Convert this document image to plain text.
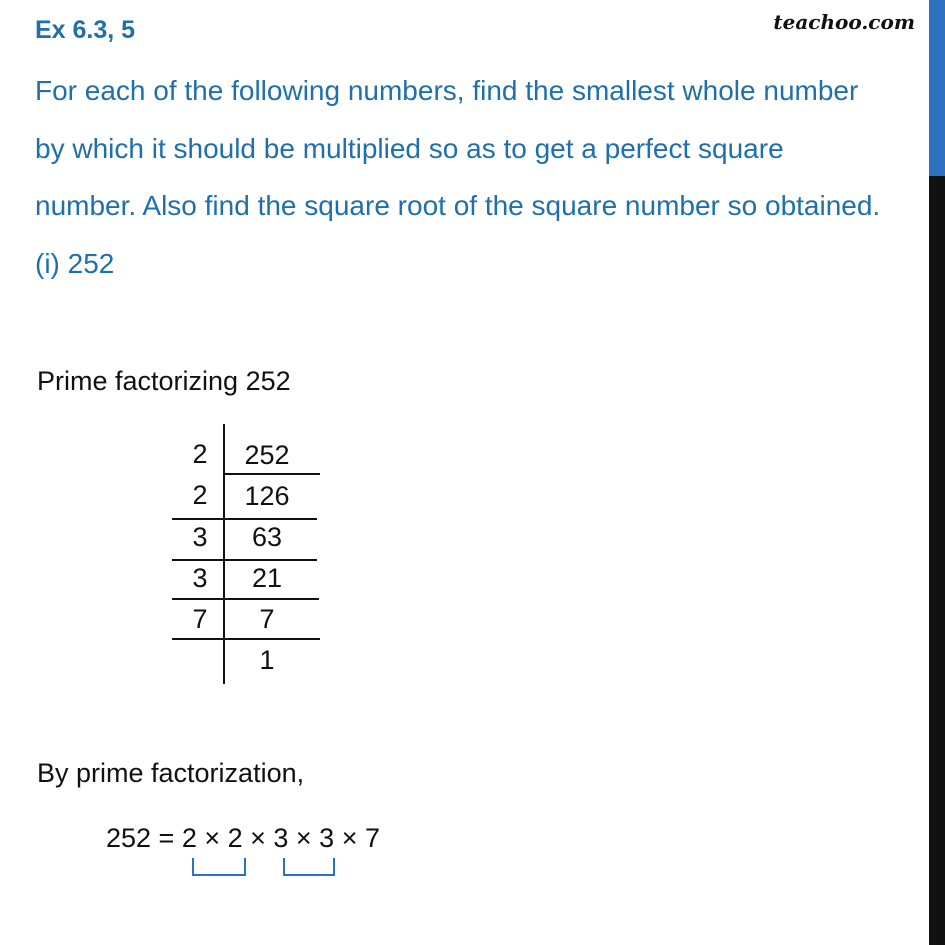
Ex 6.3, 5	teachoo.com
For each of the following numbers, find the smallest whole number
by which it should be multiplied so as to get a perfect square
number. Also find the square root of the square number so obtained.
(i) 252
Prime factorizing 252
2	252
2	126
3	63
3	21
7	7
1
By prime factorization,
252 = 2 × 2 × 3 × 3 × 7
